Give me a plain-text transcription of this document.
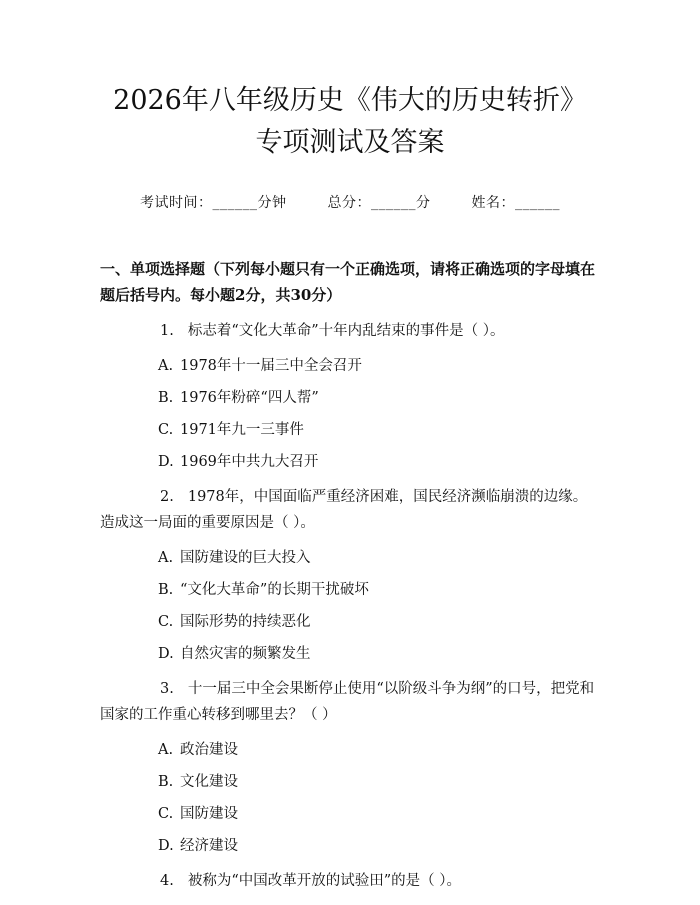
2026年八年级历史《伟大的历史转折》专项测试及答案
考试时间：______分钟	总分：______分	姓名：______
一、单项选择题（下列每小题只有一个正确选项，请将正确选项的字母填在题后括号内。每小题2分，共30分）
1. 标志着“文化大革命”十年内乱结束的事件是（ ）。
A. 1978年十一届三中全会召开
B. 1976年粉碎“四人帮”
C. 1971年九一三事件
D. 1969年中共九大召开
2. 1978年，中国面临严重经济困难，国民经济濒临崩溃的边缘。造成这一局面的重要原因是（ ）。
A. 国防建设的巨大投入
B. “文化大革命”的长期干扰破坏
C. 国际形势的持续恶化
D. 自然灾害的频繁发生
3. 十一届三中全会果断停止使用“以阶级斗争为纲”的口号，把党和国家的工作重心转移到哪里去？（ ）
A. 政治建设
B. 文化建设
C. 国防建设
D. 经济建设
4. 被称为“中国改革开放的试验田”的是（ ）。
